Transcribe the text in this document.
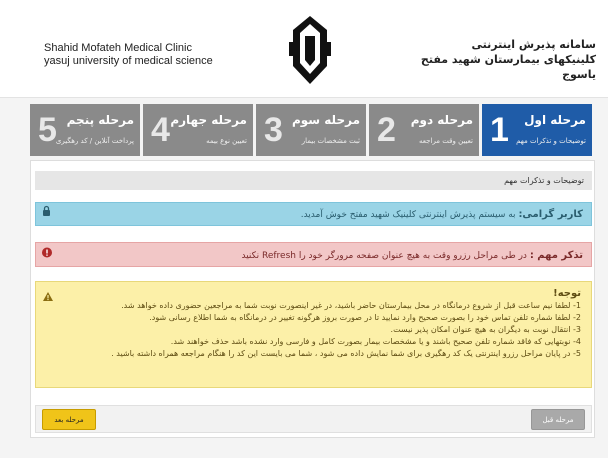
Shahid Mofateh Medical Clinic
yasuj university of medical science
سامانه پذیرش اینترنتی
کلینیکهای بیمارستان شهید مفتح یاسوج
1 مرحله اول
توضیحات و تذکرات مهم
2 مرحله دوم
تعیین وقت مراجعه
3 مرحله سوم
ثبت مشخصات بیمار
4 مرحله جهارم
تعیین نوع بیمه
5 مرحله پنجم
پرداخت آنلاین / کد رهگیری
توضیحات و تذکرات مهم
کاربر گرامی: به سیستم پذیرش اینترنتی کلینیک شهید مفتح خوش آمدید.
تذکر مهم : در طی مراحل رزرو وقت به هیچ عنوان صفحه مرورگر خود را Refresh نکنید
توجه!
1- لطفا نیم ساعت قبل از شروع درمانگاه در محل بیمارستان حاضر باشید، در غیر اینصورت نوبت شما به مراجعین حضوری داده خواهد شد.
2- لطفا شماره تلفن تماس خود را بصورت صحیح وارد نمایید تا در صورت بروز هرگونه تغییر در درمانگاه به شما اطلاع رسانی شود.
3- انتقال نوبت به دیگران به هیچ عنوان امکان پذیر نیست.
4- نوبتهایی که فاقد شماره تلفن صحیح باشند و یا مشخصات بیمار بصورت کامل و فارسی وارد نشده باشد حذف خواهند شد.
5- در پایان مراحل رزرو اینترنتی یک کد رهگیری برای شما نمایش داده می شود ، شما می بایست این کد را هنگام مراجعه همراه داشته باشید .
مرحله بعد	مرحله قبل
